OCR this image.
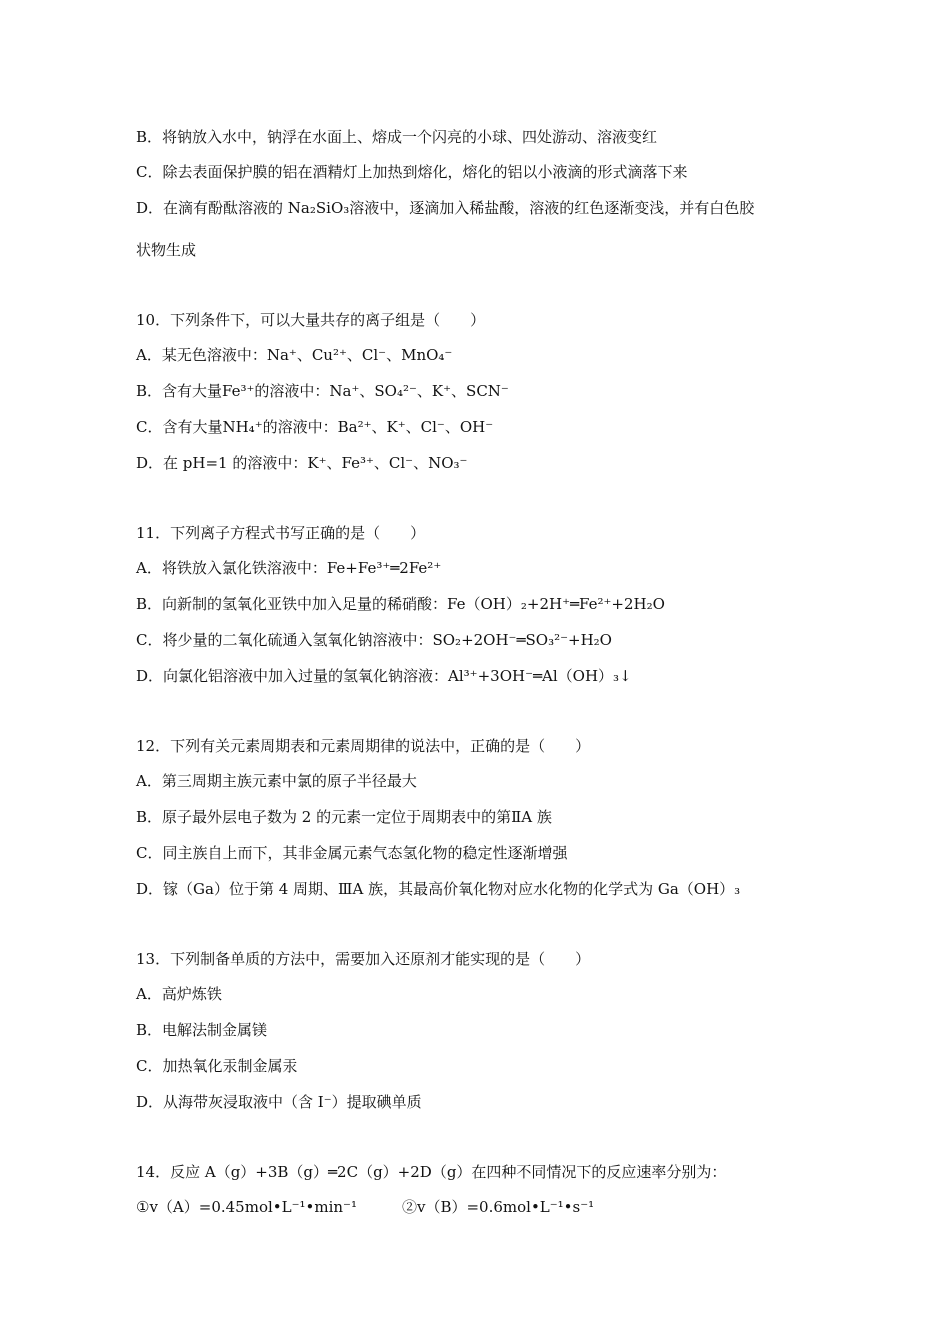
B．将钠放入水中，钠浮在水面上、熔成一个闪亮的小球、四处游动、溶液变红
C．除去表面保护膜的铝在酒精灯上加热到熔化，熔化的铝以小液滴的形式滴落下来
D．在滴有酚酞溶液的 Na₂SiO₃溶液中，逐滴加入稀盐酸，溶液的红色逐渐变浅，并有白色胶
状物生成
10．下列条件下，可以大量共存的离子组是（　　）
A．某无色溶液中：Na⁺、Cu²⁺、Cl⁻、MnO₄⁻
B．含有大量Fe³⁺的溶液中：Na⁺、SO₄²⁻、K⁺、SCN⁻
C．含有大量NH₄⁺的溶液中：Ba²⁺、K⁺、Cl⁻、OH⁻
D．在 pH=1 的溶液中：K⁺、Fe³⁺、Cl⁻、NO₃⁻
11．下列离子方程式书写正确的是（　　）
A．将铁放入氯化铁溶液中：Fe+Fe³⁺═2Fe²⁺
B．向新制的氢氧化亚铁中加入足量的稀硝酸：Fe（OH）₂+2H⁺═Fe²⁺+2H₂O
C．将少量的二氧化硫通入氢氧化钠溶液中：SO₂+2OH⁻═SO₃²⁻+H₂O
D．向氯化铝溶液中加入过量的氢氧化钠溶液：Al³⁺+3OH⁻═Al（OH）₃↓
12．下列有关元素周期表和元素周期律的说法中，正确的是（　　）
A．第三周期主族元素中氯的原子半径最大
B．原子最外层电子数为 2 的元素一定位于周期表中的第ⅡA 族
C．同主族自上而下，其非金属元素气态氢化物的稳定性逐渐增强
D．镓（Ga）位于第 4 周期、ⅢA 族，其最高价氧化物对应水化物的化学式为 Ga（OH）₃
13．下列制备单质的方法中，需要加入还原剂才能实现的是（　　）
A．高炉炼铁
B．电解法制金属镁
C．加热氧化汞制金属汞
D．从海带灰浸取液中（含 I⁻）提取碘单质
14．反应 A（g）+3B（g）═2C（g）+2D（g）在四种不同情况下的反应速率分别为：
①v（A）=0.45mol•L⁻¹•min⁻¹　　　②v（B）=0.6mol•L⁻¹•s⁻¹
